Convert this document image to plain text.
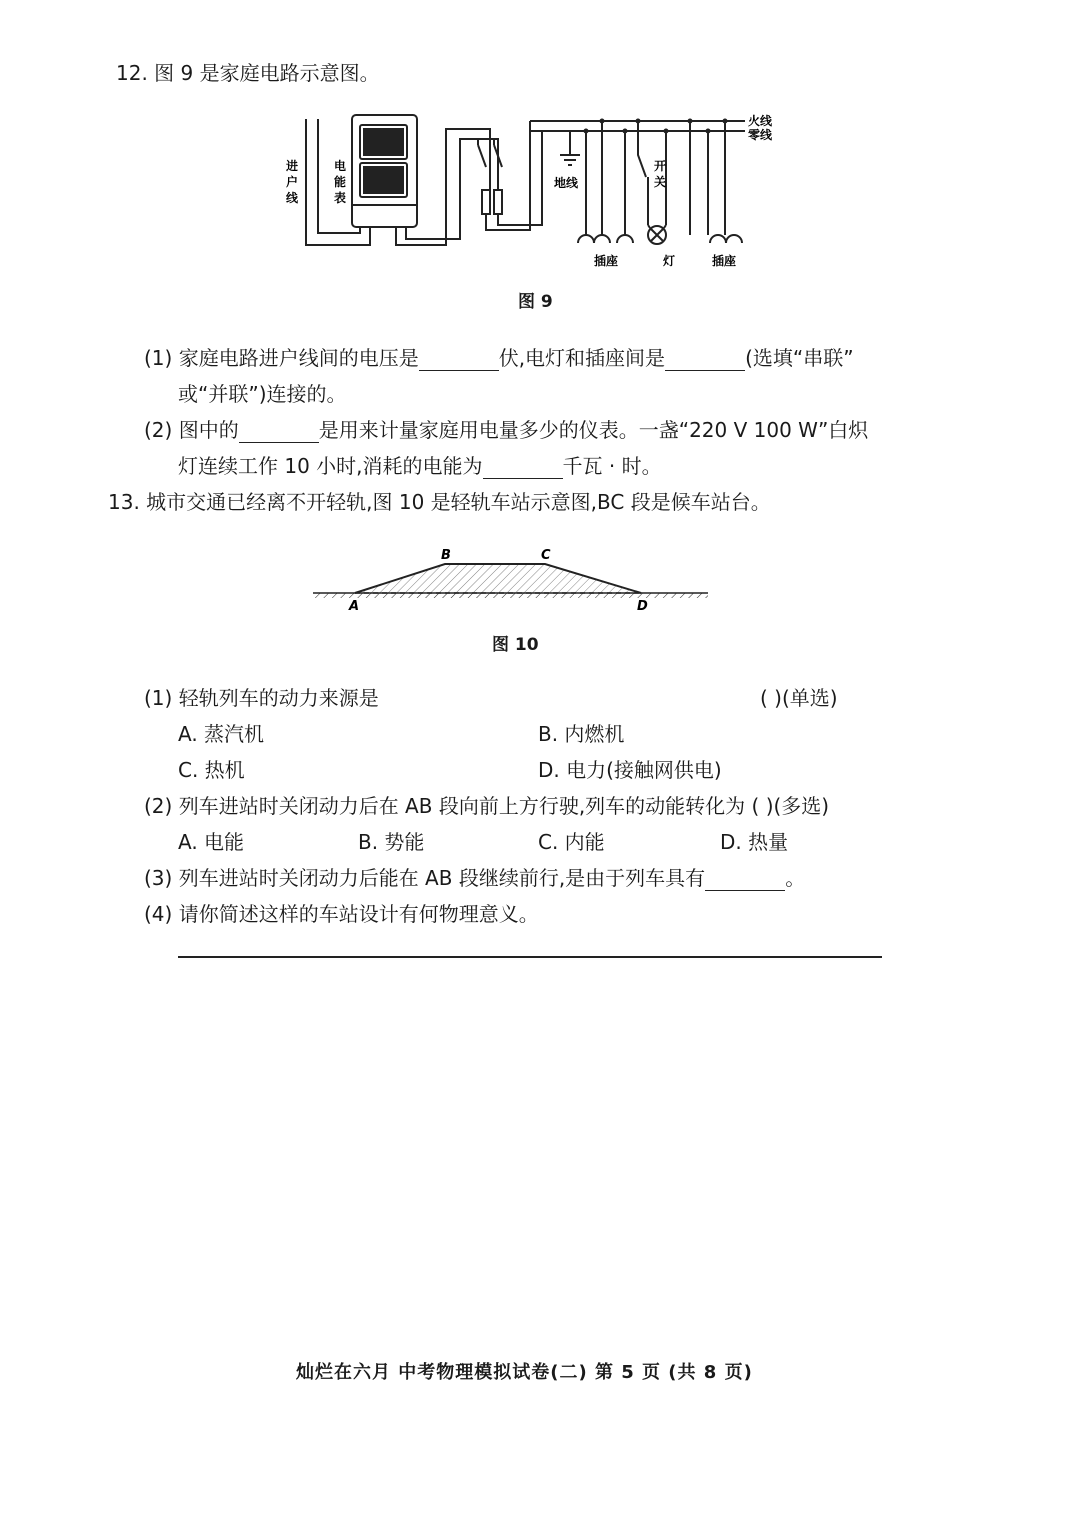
12. 图 9 是家庭电路示意图。
火线
零线
进
户
线
电
能
表
地线
开
关
插座	灯	插座
图 9
(1) 家庭电路进户线间的电压是	伏,电灯和插座间是	(选填“串联”
或“并联”)连接的。
(2) 图中的	是用来计量家庭用电量多少的仪表。一盏“220 V 100 W”白炽
灯连续工作 10 小时,消耗的电能为	千瓦 · 时。
13. 城市交通已经离不开轻轨,图 10 是轻轨车站示意图,BC 段是候车站台。
A
B	C
D
图 10
(1) 轻轨列车的动力来源是	( )(单选)
A. 蒸汽机	B. 内燃机
C. 热机	D. 电力(接触网供电)
(2) 列车进站时关闭动力后在 AB 段向前上方行驶,列车的动能转化为 ( )(多选)
A. 电能	B. 势能	C. 内能	D. 热量
(3) 列车进站时关闭动力后能在 AB 段继续前行,是由于列车具有	。
(4) 请你简述这样的车站设计有何物理意义。
灿烂在六月 中考物理模拟试卷(二) 第 5 页 (共 8 页)
